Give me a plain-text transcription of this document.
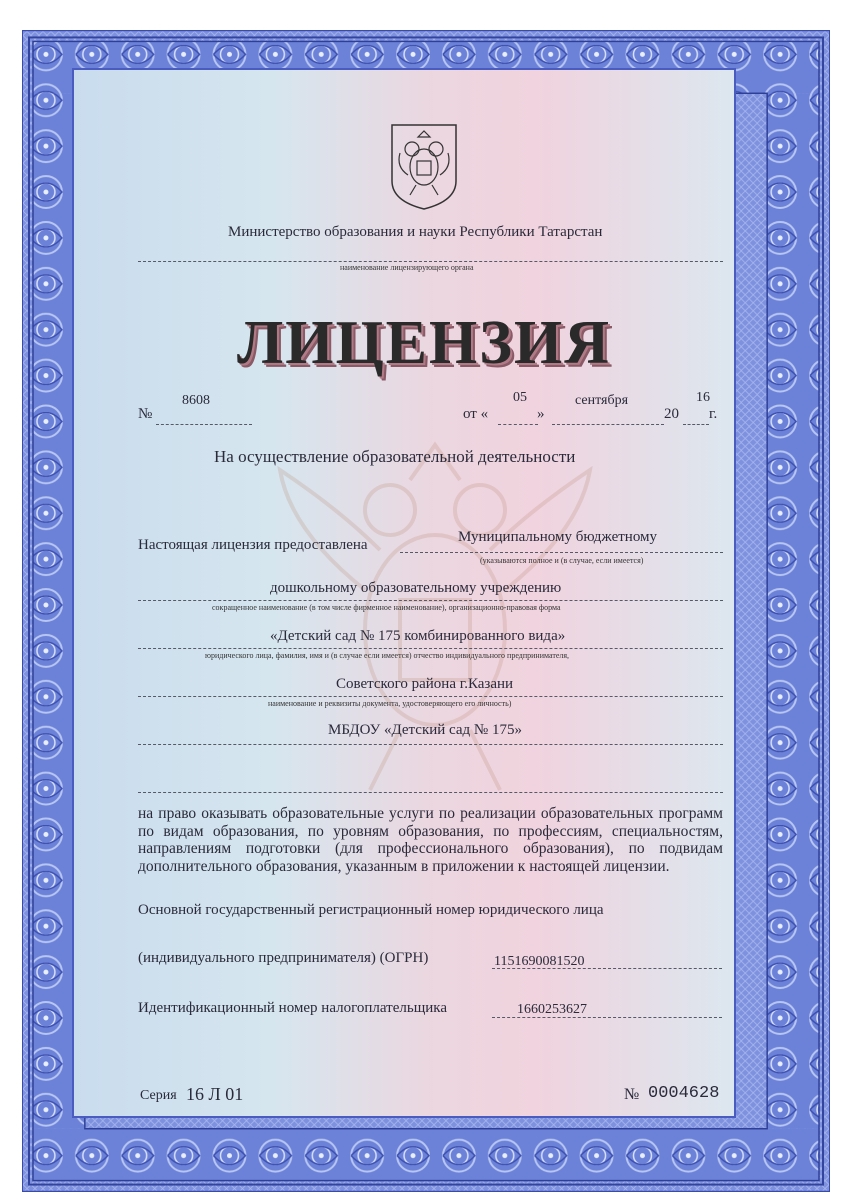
Министерство образования и науки Республики Татарстан
наименование лицензирующего органа
ЛИЦЕНЗИЯ
№
8608
от «
05
»
сентября
20
16
г.
На осуществление образовательной деятельности
Настоящая лицензия предоставлена	Муниципальному бюджетному
(указываются полное и (в случае, если имеется)
дошкольному образовательному учреждению
сокращенное наименование (в том числе фирменное наименование), организационно-правовая форма
«Детский сад № 175 комбинированного вида»
юридического лица, фамилия, имя и (в случае если имеется) отчество индивидуального предпринимателя,
Советского района г.Казани
наименование и реквизиты документа, удостоверяющего его личность)
МБДОУ «Детский сад № 175»
на право оказывать образовательные услуги по реализации образовательных программ по видам образования, по уровням образования, по профессиям, специальностям, направлениям подготовки (для профессионального образования), по подвидам дополнительного образования, указанным в приложении к настоящей лицензии.
Основной государственный регистрационный номер юридического лица
(индивидуального предпринимателя) (ОГРН)	1151690081520
Идентификационный номер налогоплательщика	1660253627
Серия 16 Л 01	№ 0004628
